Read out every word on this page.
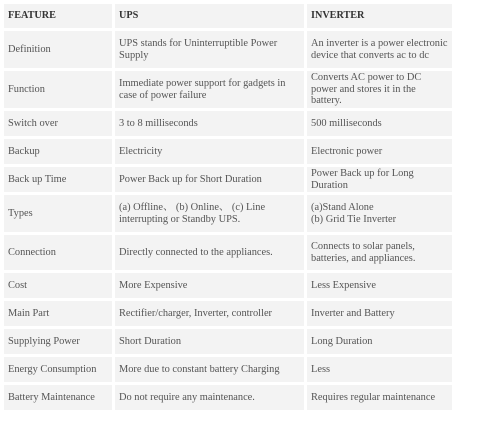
FEATURE	UPS	INVERTER
Definition	UPS stands for Uninterruptible Power Supply	An inverter is a power electronic device that converts ac to dc

Function	Immediate power support for gadgets in case of power failure	Converts AC power to DC power and stores it in the battery.

Switch over	3 to 8 milliseconds	500 milliseconds

Backup	Electricity	Electronic power

Back up Time	Power Back up for Short Duration	Power Back up for Long Duration

Types	(a) Offline、 (b) Online、 (c) Line interrupting or Standby UPS.	(a)Stand Alone
(b) Grid Tie Inverter

Connection	Directly connected to the appliances.	Connects to solar panels, batteries, and appliances.

Cost	More Expensive	Less Expensive

Main Part	Rectifier/charger, Inverter, controller	Inverter and Battery

Supplying Power	Short Duration	Long Duration

Energy Consumption	More due to constant battery Charging	Less

Battery Maintenance	Do not require any maintenance.	Requires regular maintenance
